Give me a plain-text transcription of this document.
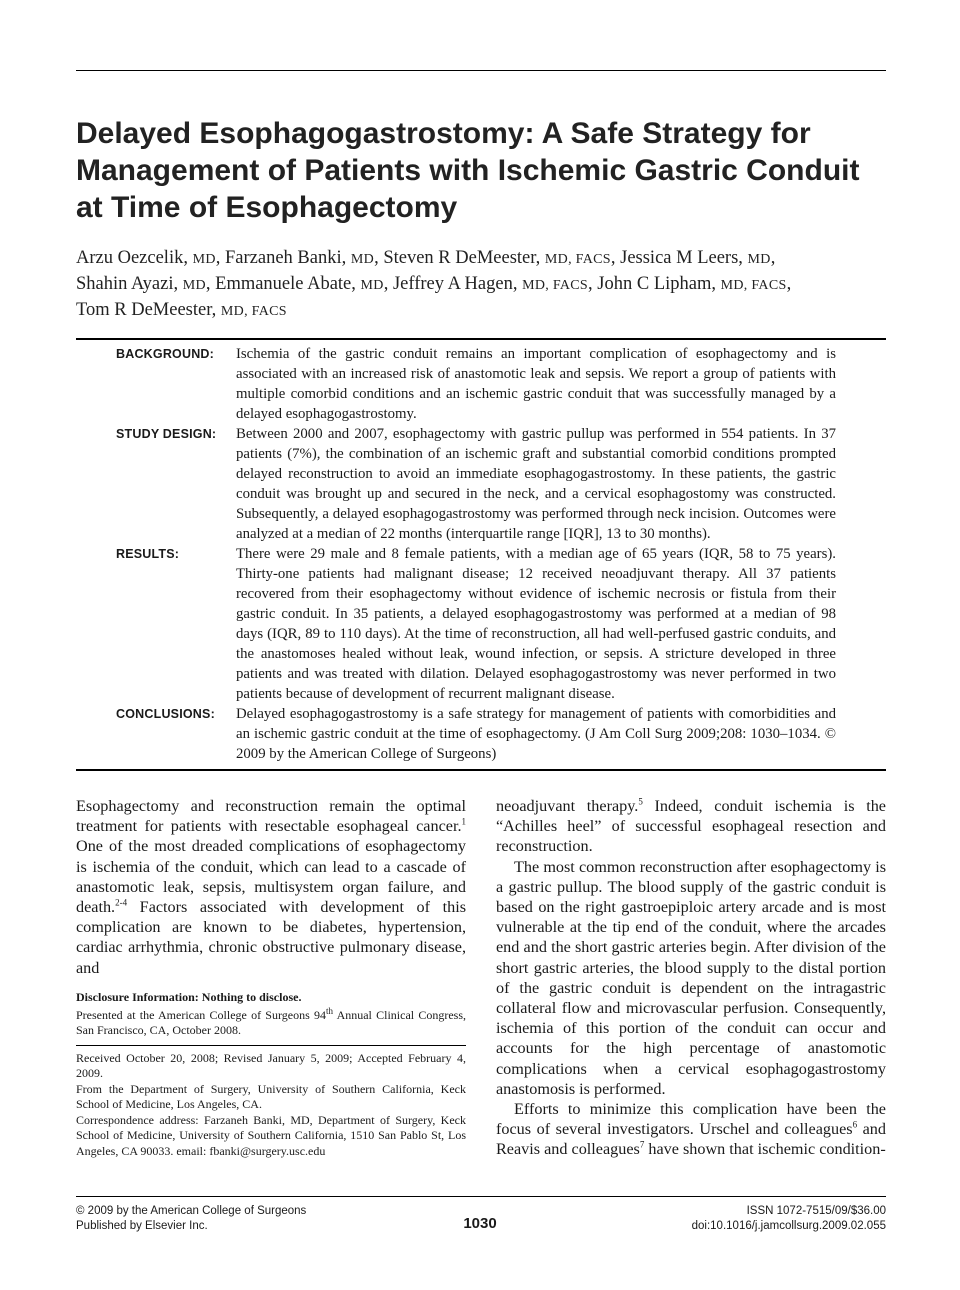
Delayed Esophagogastrostomy: A Safe Strategy for Management of Patients with Ischemic Gastric Conduit at Time of Esophagectomy
Arzu Oezcelik, MD, Farzaneh Banki, MD, Steven R DeMeester, MD, FACS, Jessica M Leers, MD,
Shahin Ayazi, MD, Emmanuele Abate, MD, Jeffrey A Hagen, MD, FACS, John C Lipham, MD, FACS,
Tom R DeMeester, MD, FACS
BACKGROUND:	Ischemia of the gastric conduit remains an important complication of esophagectomy and is associated with an increased risk of anastomotic leak and sepsis. We report a group of patients with multiple comorbid conditions and an ischemic gastric conduit that was successfully managed by a delayed esophagogastrostomy.
STUDY DESIGN:	Between 2000 and 2007, esophagectomy with gastric pullup was performed in 554 patients. In 37 patients (7%), the combination of an ischemic graft and substantial comorbid conditions prompted delayed reconstruction to avoid an immediate esophagogastrostomy. In these patients, the gastric conduit was brought up and secured in the neck, and a cervical esophagostomy was constructed. Subsequently, a delayed esophagogastrostomy was performed through neck incision. Outcomes were analyzed at a median of 22 months (interquartile range [IQR], 13 to 30 months).
RESULTS:	There were 29 male and 8 female patients, with a median age of 65 years (IQR, 58 to 75 years). Thirty-one patients had malignant disease; 12 received neoadjuvant therapy. All 37 patients recovered from their esophagectomy without evidence of ischemic necrosis or fistula from their gastric conduit. In 35 patients, a delayed esophagogastrostomy was performed at a median of 98 days (IQR, 89 to 110 days). At the time of reconstruction, all had well-perfused gastric conduits, and the anastomoses healed without leak, wound infection, or sepsis. A stricture developed in three patients and was treated with dilation. Delayed esophagogastrostomy was never performed in two patients because of development of recurrent malignant disease.
CONCLUSIONS:	Delayed esophagogastrostomy is a safe strategy for management of patients with comorbidities and an ischemic gastric conduit at the time of esophagectomy. (J Am Coll Surg 2009;208: 1030–1034. © 2009 by the American College of Surgeons)

Esophagectomy and reconstruction remain the optimal treatment for patients with resectable esophageal cancer.$^1$ One of the most dreaded complications of esophagectomy is ischemia of the conduit, which can lead to a cascade of anastomotic leak, sepsis, multisystem organ failure, and death.$^{2-4}$ Factors associated with development of this complication are known to be diabetes, hypertension, cardiac arrhythmia, chronic obstructive pulmonary disease, and

neoadjuvant therapy.$^5$ Indeed, conduit ischemia is the “Achilles heel” of successful esophageal resection and reconstruction.

The most common reconstruction after esophagectomy is a gastric pullup. The blood supply of the gastric conduit is based on the right gastroepiploic artery arcade and is most vulnerable at the tip end of the conduit, where the arcades end and the short gastric arteries begin. After division of the short gastric arteries, the blood supply to the distal portion of the gastric conduit is dependent on the intragastric collateral flow and microvascular perfusion. Consequently, ischemia of this portion of the conduit can occur and accounts for the high percentage of anastomotic complications when a cervical esophagogastrostomy anastomosis is performed.

Efforts to minimize this complication have been the focus of several investigators. Urschel and colleagues$^6$ and Reavis and colleagues$^7$ have shown that ischemic condition-

Disclosure Information: Nothing to disclose.

Presented at the American College of Surgeons 94th Annual Clinical Congress, San Francisco, CA, October 2008.

Received October 20, 2008; Revised January 5, 2009; Accepted February 4, 2009.

From the Department of Surgery, University of Southern California, Keck School of Medicine, Los Angeles, CA.

Correspondence address: Farzaneh Banki, MD, Department of Surgery, Keck School of Medicine, University of Southern California, 1510 San Pablo St, Los Angeles, CA 90033. email: fbanki@surgery.usc.edu

© 2009 by the American College of Surgeons
Published by Elsevier Inc.	1030
ISSN 1072-7515/09/$36.00
doi:10.1016/j.jamcollsurg.2009.02.055
